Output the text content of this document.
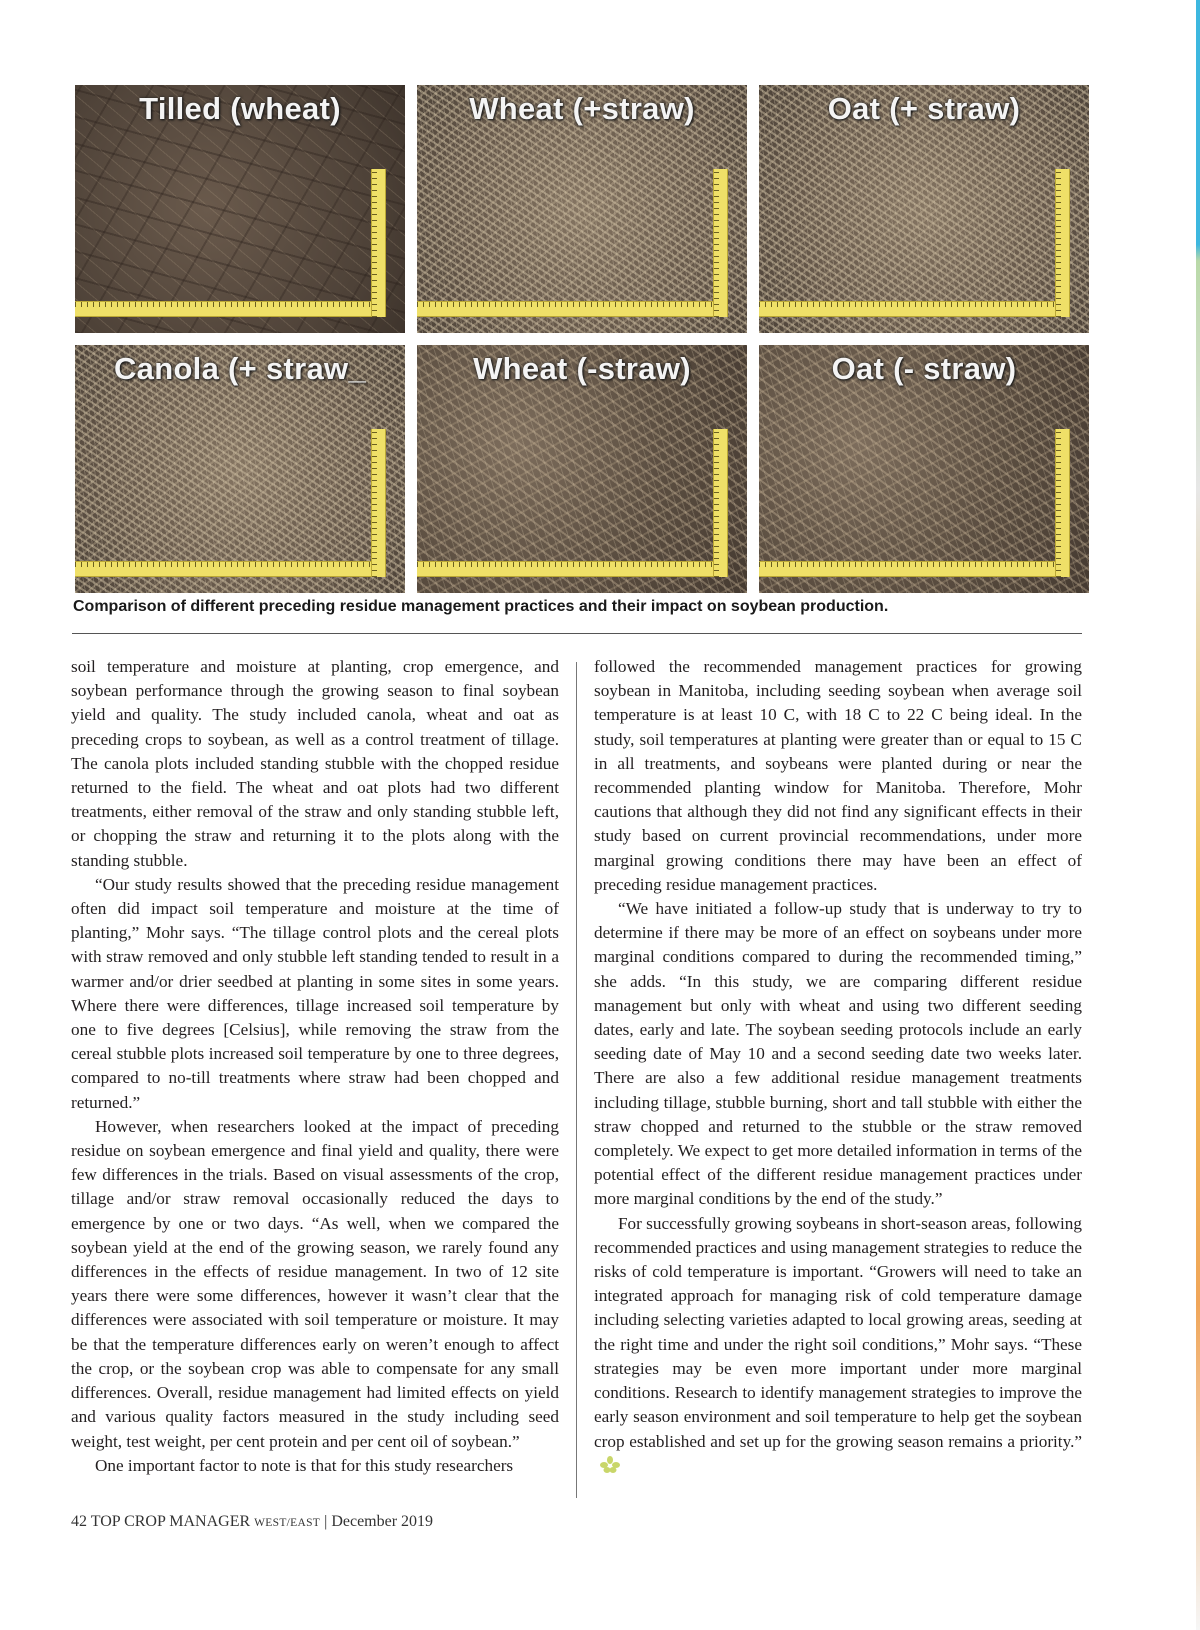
Tilled (wheat)	Wheat (+straw)	Oat (+ straw)
Canola (+ straw_	Wheat (-straw)	Oat (- straw)
Comparison of different preceding residue management practices and their impact on soybean production.

soil temperature and moisture at planting, crop emergence, and soybean performance through the growing season to final soybean yield and quality. The study included canola, wheat and oat as preceding crops to soybean, as well as a control treatment of tillage. The canola plots included standing stubble with the chopped residue returned to the field. The wheat and oat plots had two different treatments, either removal of the straw and only standing stubble left, or chopping the straw and returning it to the plots along with the standing stubble.

“Our study results showed that the preceding residue management often did impact soil temperature and moisture at the time of planting,” Mohr says. “The tillage control plots and the cereal plots with straw removed and only stubble left standing tended to result in a warmer and/or drier seedbed at planting in some sites in some years. Where there were differences, tillage increased soil temperature by one to five degrees [Celsius], while removing the straw from the cereal stubble plots increased soil temperature by one to three degrees, compared to no-till treatments where straw had been chopped and returned.”

However, when researchers looked at the impact of preceding residue on soybean emergence and final yield and quality, there were few differences in the trials. Based on visual assessments of the crop, tillage and/or straw removal occasionally reduced the days to emergence by one or two days. “As well, when we compared the soybean yield at the end of the growing season, we rarely found any differences in the effects of residue management. In two of 12 site years there were some differences, however it wasn’t clear that the differences were associated with soil temperature or moisture. It may be that the temperature differences early on weren’t enough to affect the crop, or the soybean crop was able to compensate for any small differences. Overall, residue management had limited effects on yield and various quality factors measured in the study including seed weight, test weight, per cent protein and per cent oil of soybean.”

One important factor to note is that for this study researchers

followed the recommended management practices for growing soybean in Manitoba, including seeding soybean when average soil temperature is at least 10 C, with 18 C to 22 C being ideal. In the study, soil temperatures at planting were greater than or equal to 15 C in all treatments, and soybeans were planted during or near the recommended planting window for Manitoba. Therefore, Mohr cautions that although they did not find any significant effects in their study based on current provincial recommendations, under more marginal growing conditions there may have been an effect of preceding residue management practices.

“We have initiated a follow-up study that is underway to try to determine if there may be more of an effect on soybeans under more marginal conditions compared to during the recommended timing,” she adds. “In this study, we are comparing different residue management but only with wheat and using two different seeding dates, early and late. The soybean seeding protocols include an early seeding date of May 10 and a second seeding date two weeks later. There are also a few additional residue management treatments including tillage, stubble burning, short and tall stubble with either the straw chopped and returned to the stubble or the straw removed completely. We expect to get more detailed information in terms of the potential effect of the different residue management practices under more marginal conditions by the end of the study.”

For successfully growing soybeans in short-season areas, following recommended practices and using management strategies to reduce the risks of cold temperature is important. “Growers will need to take an integrated approach for managing risk of cold temperature damage including selecting varieties adapted to local growing areas, seeding at the right time and under the right soil conditions,” Mohr says. “These strategies may be even more important under more marginal conditions. Research to identify management strategies to improve the early season environment and soil temperature to help get the soybean crop established and set up for the growing season remains a priority.”

42 TOP CROP MANAGER WEST/EAST | December 2019
